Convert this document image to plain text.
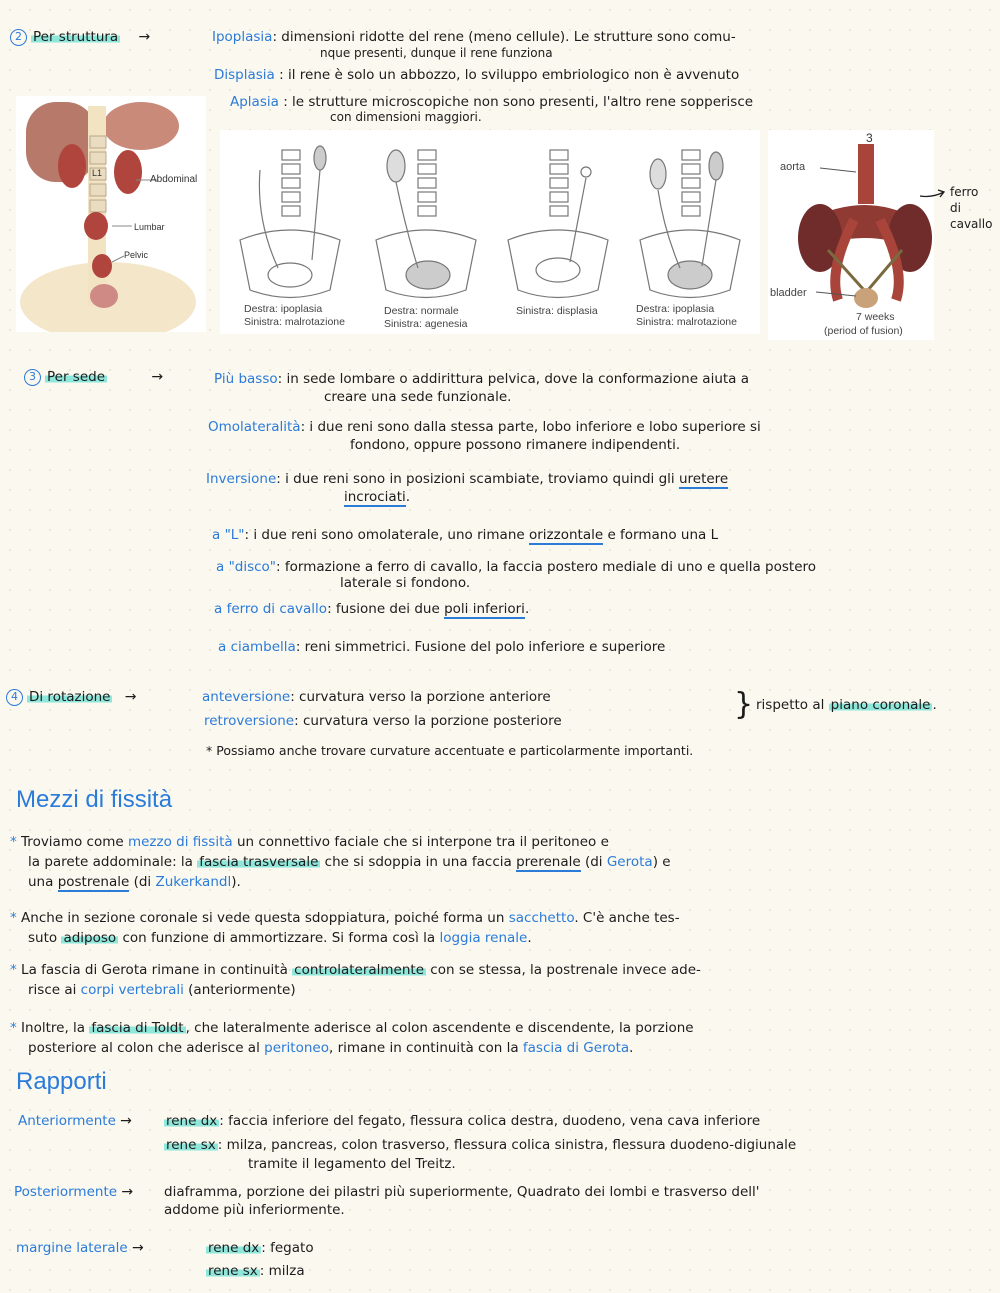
2 Per struttura →	Ipoplasia: dimensioni ridotte del rene (meno cellule). Le strutture sono comu-
nque presenti, dunque il rene funziona
Displasia : il rene è solo un abbozzo, lo sviluppo embriologico non è avvenuto
Aplasia : le strutture microscopiche non sono presenti, l'altro rene sopperisce
con dimensioni maggiori.
L1
Abdominal
Lumbar
Pelvic
Destra: ipoplasia
Sinistra: malrotazione
Destra: normale
Sinistra: agenesia
Sinistra: displasia	Destra: ipoplasia
Sinistra: malrotazione
3
aorta
bladder
7 weeks
(period of fusion)
ferro
di
cavallo
3 Per sede	→	Più basso: in sede lombare o addirittura pelvica, dove la conformazione aiuta a
creare una sede funzionale.
Omolateralità: i due reni sono dalla stessa parte, lobo inferiore e lobo superiore si
fondono, oppure possono rimanere indipendenti.
Inversione: i due reni sono in posizioni scambiate, troviamo quindi gli uretere
incrociati.
a "L": i due reni sono omolaterale, uno rimane orizzontale e formano una L
a "disco": formazione a ferro di cavallo, la faccia postero mediale di uno e quella postero
laterale si fondono.
a ferro di cavallo: fusione dei due poli inferiori.
a ciambella: reni simmetrici. Fusione del polo inferiore e superiore
4 Di rotazione →	anteversione: curvatura verso la porzione anteriore
retroversione: curvatura verso la porzione posteriore	} rispetto al piano coronale .
* Possiamo anche trovare curvature accentuate e particolarmente importanti.
Mezzi di fissità
* Troviamo come mezzo di fissità un connettivo faciale che si interpone tra il peritoneo e
la parete addominale: la fascia trasversale che si sdoppia in una faccia prerenale (di Gerota) e
una postrenale (di Zukerkandl).
* Anche in sezione coronale si vede questa sdoppiatura, poiché forma un sacchetto. C'è anche tes-
suto adiposo con funzione di ammortizzare. Si forma così la loggia renale.
* La fascia di Gerota rimane in continuità controlateralmente con se stessa, la postrenale invece ade-
risce ai corpi vertebrali (anteriormente)
* Inoltre, la fascia di Toldt , che lateralmente aderisce al colon ascendente e discendente, la porzione
posteriore al colon che aderisce al peritoneo, rimane in continuità con la fascia di Gerota.
Rapporti
Anteriormente →	rene dx : faccia inferiore del fegato, flessura colica destra, duodeno, vena cava inferiore
rene sx : milza, pancreas, colon trasverso, flessura colica sinistra, flessura duodeno-digiunale
tramite il legamento del Treitz.
Posteriormente → diaframma, porzione dei pilastri più superiormente, Quadrato dei lombi e trasverso dell'
addome più inferiormente.
margine laterale →	rene dx : fegato
rene sx : milza
